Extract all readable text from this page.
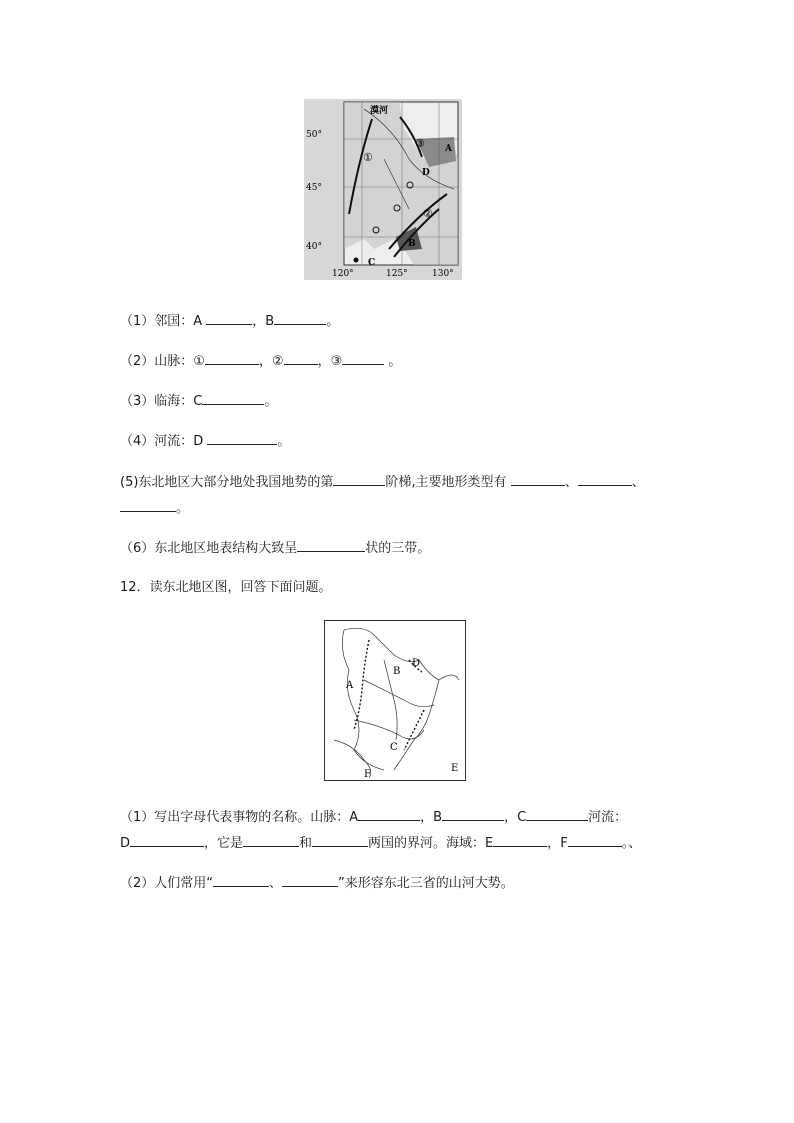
漠河
50°
45°
40°
120°	125°	130°
①
②
③ A
B
C
D
（1）邻国：A	，B	。
（2）山脉：①	，②	，③	。
（3）临海：C	。
（4）河流：D	。
(5)东北地区大部分地处我国地势的第	阶梯,主要地形类型有	、	、
。
（6）东北地区地表结构大致呈	状的三带。
12．读东北地区图，回答下面问题。
A
B
C
D
E
F
（1）写出字母代表事物的名称。山脉：A	，B	，C	河流：
D	，它是	和	两国的界河。海域：E	，F	。、
（2）人们常用“	、	”来形容东北三省的山河大势。
